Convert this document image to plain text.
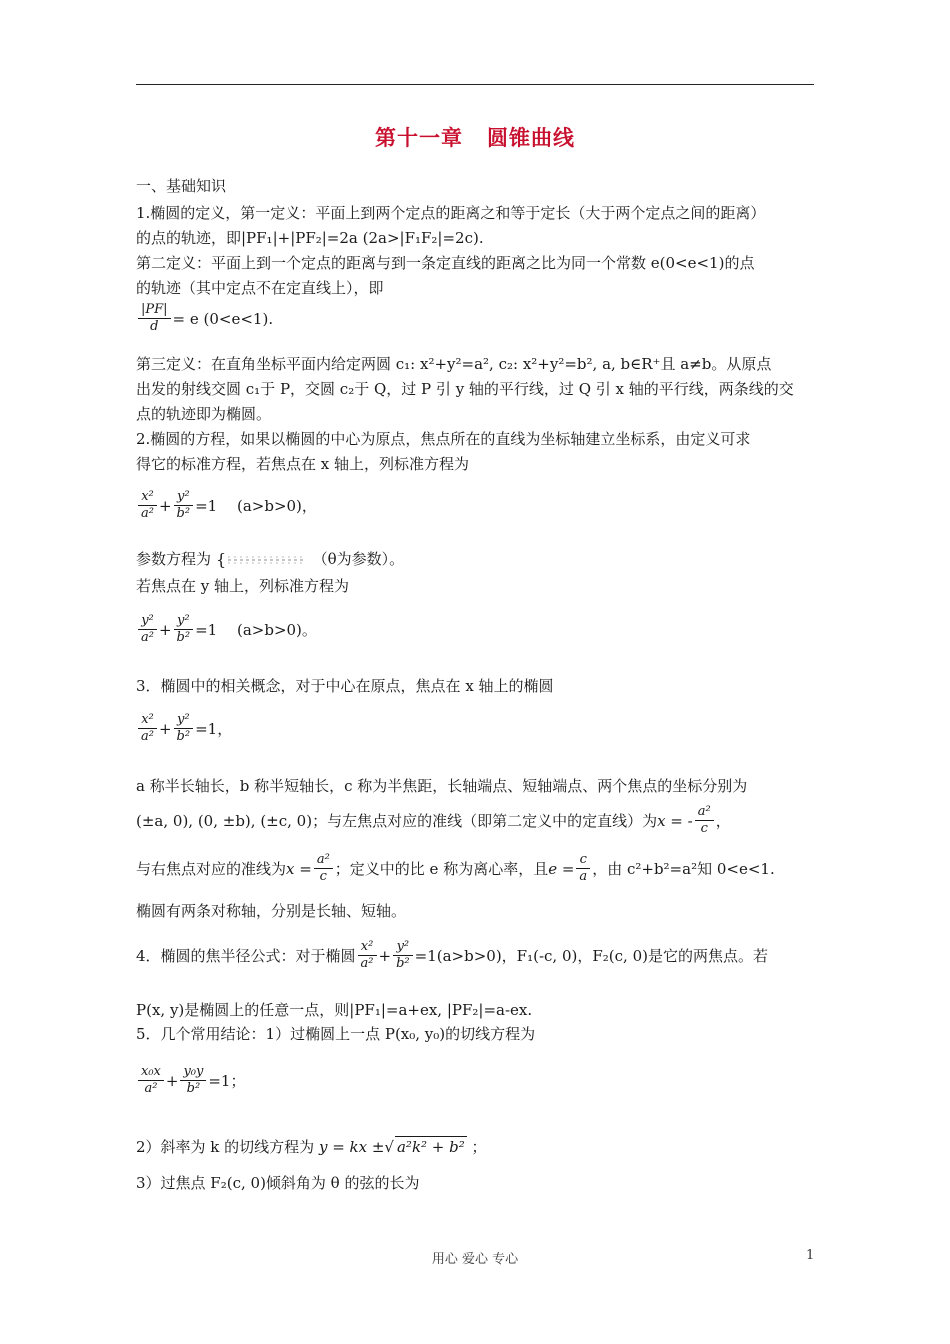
第十一章 圆锥曲线
一、基础知识
1.椭圆的定义，第一定义：平面上到两个定点的距离之和等于定长（大于两个定点之间的距离）
的点的轨迹，即|PF₁|+|PF₂|=2a (2a>|F₁F₂|=2c).
第二定义：平面上到一个定点的距离与到一条定直线的距离之比为同一个常数 e(0<e<1)的点
的轨迹（其中定点不在定直线上），即
$\frac{|PF|}{d} = e$ (0<e<1).
第三定义：在直角坐标平面内给定两圆 c₁: x²+y²=a², c₂: x²+y²=b², a, b∈R⁺且 a≠b。从原点
出发的射线交圆 c₁于 P，交圆 c₂于 Q，过 P 引 y 轴的平行线，过 Q 引 x 轴的平行线，两条线的交
点的轨迹即为椭圆。
2.椭圆的方程，如果以椭圆的中心为原点，焦点所在的直线为坐标轴建立坐标系，由定义可求
得它的标准方程，若焦点在 x 轴上，列标准方程为
$\frac{\text{x²}}{\text{a²}} + \frac{\text{y²}}{\text{b²}} =1$　 (a>b>0)，
参数方程为 {	（θ为参数）。
若焦点在 y 轴上，列标准方程为
$\frac{\text{y²}}{\text{a²}} + \frac{\text{y²}}{\text{b²}} =1$　 (a>b>0)。
3．椭圆中的相关概念，对于中心在原点，焦点在 x 轴上的椭圆
$\frac{\text{x²}}{\text{a²}} + \frac{\text{y²}}{\text{b²}} =1$，
a 称半长轴长，b 称半短轴长，c 称为半焦距，长轴端点、短轴端点、两个焦点的坐标分别为
(±a, 0), (0, ±b), (±c, 0)；与左焦点对应的准线（即第二定义中的定直线）为 x = - $\frac{\text{a²}}{c}$ ，
与右焦点对应的准线为 $x = \frac{\text{a²}}{c}$ ；定义中的比 e 称为离心率，且 $e = \frac{c}{a}$ ，由 c²+b²=a²知 0<e<1.
椭圆有两条对称轴，分别是长轴、短轴。
4．椭圆的焦半径公式：对于椭圆 $\frac{\text{x²}}{\text{a²}} + \frac{\text{y²}}{\text{b²}} =1(a>b>0)$，F₁(-c, 0)，F₂(c, 0)是它的两焦点。若
P(x, y)是椭圆上的任意一点，则|PF₁|=a+ex, |PF₂|=a-ex.
5．几个常用结论：1）过椭圆上一点 P(x₀, y₀)的切线方程为
$\frac{\text{x₀x}}{\text{a²}} + \frac{\text{y₀y}}{\text{b²}} =1$；
2）斜率为 k 的切线方程为 y = kx ±√ a²k² + b² ；
3）过焦点 F₂(c, 0)倾斜角为 θ 的弦的长为
用心 爱心 专心	1
